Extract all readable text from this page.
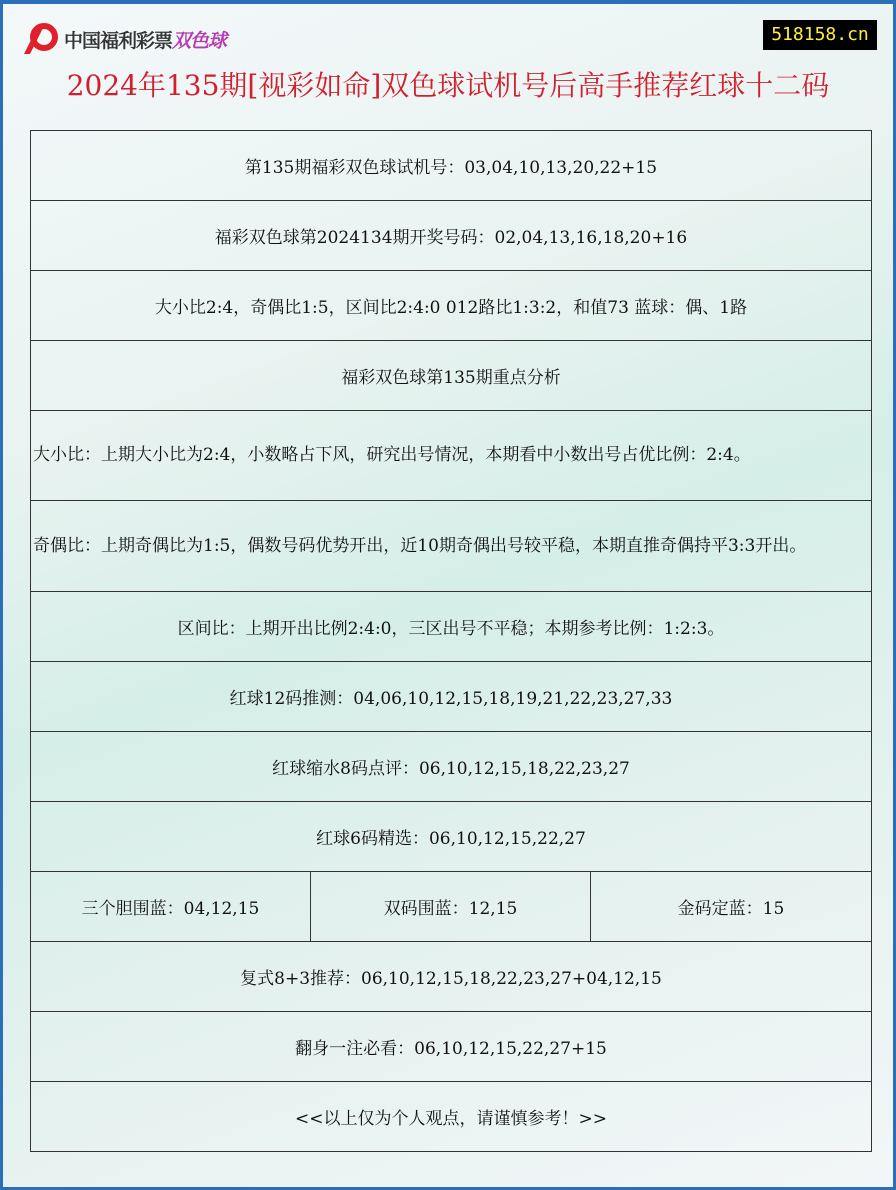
中国福利彩票双色球	518158.cn
2024年135期[视彩如命]双色球试机号后高手推荐红球十二码
第135期福彩双色球试机号：03,04,10,13,20,22+15
福彩双色球第2024134期开奖号码：02,04,13,16,18,20+16
大小比2:4，奇偶比1:5，区间比2:4:0 012路比1:3:2，和值73 蓝球：偶、1路
福彩双色球第135期重点分析
大小比：上期大小比为2:4，小数略占下风，研究出号情况，本期看中小数出号占优比例：2:4。
奇偶比：上期奇偶比为1:5，偶数号码优势开出，近10期奇偶出号较平稳，本期直推奇偶持平3:3开出。
区间比：上期开出比例2:4:0，三区出号不平稳；本期参考比例：1:2:3。
红球12码推测：04,06,10,12,15,18,19,21,22,23,27,33
红球缩水8码点评：06,10,12,15,18,22,23,27
红球6码精选：06,10,12,15,22,27
三个胆围蓝：04,12,15	双码围蓝：12,15	金码定蓝：15
复式8+3推荐：06,10,12,15,18,22,23,27+04,12,15
翻身一注必看：06,10,12,15,22,27+15
<<以上仅为个人观点，请谨慎参考！>>
